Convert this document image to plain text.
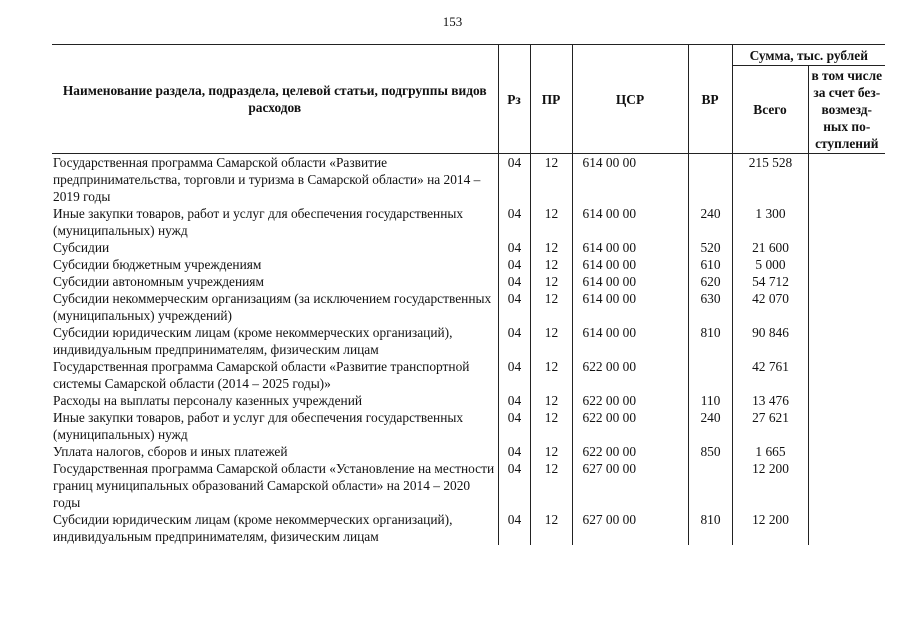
153
Наименование раздела, подраздела, целевой статьи, подгруппы видов расходов	Рз	ПР	ЦСР	ВР	Сумма, тыс. рублей	
					Всего	в том числе за счет без-возмезд-ных по-ступлений
Государственная программа Самарской области «Развитие предпринимательства, торговли и туризма в Самарской области» на 2014 – 2019 годы	04	12	614 00 00		215 528	
Иные закупки товаров, работ и услуг для обеспечения государственных (муниципальных) нужд	04	12	614 00 00	240	1 300	
Субсидии	04	12	614 00 00	520	21 600	
Субсидии бюджетным учреждениям	04	12	614 00 00	610	5 000	
Субсидии автономным учреждениям	04	12	614 00 00	620	54 712	
Субсидии некоммерческим организациям (за исключением государственных (муниципальных) учреждений)	04	12	614 00 00	630	42 070	
Субсидии юридическим лицам (кроме некоммерческих организаций), индивидуальным предпринимателям, физическим лицам	04	12	614 00 00	810	90 846	
Государственная программа Самарской области «Развитие транспортной системы Самарской области (2014 – 2025 годы)»	04	12	622 00 00		42 761	
Расходы на выплаты персоналу казенных учреждений	04	12	622 00 00	110	13 476	
Иные закупки товаров, работ и услуг для обеспечения государственных (муниципальных) нужд	04	12	622 00 00	240	27 621	
Уплата налогов, сборов и иных платежей	04	12	622 00 00	850	1 665	
Государственная программа Самарской области «Установление на местности границ муниципальных образований Самарской области» на 2014 – 2020 годы	04	12	627 00 00		12 200	
Субсидии юридическим лицам (кроме некоммерческих организаций), индивидуальным предпринимателям, физическим лицам	04	12	627 00 00	810	12 200	
